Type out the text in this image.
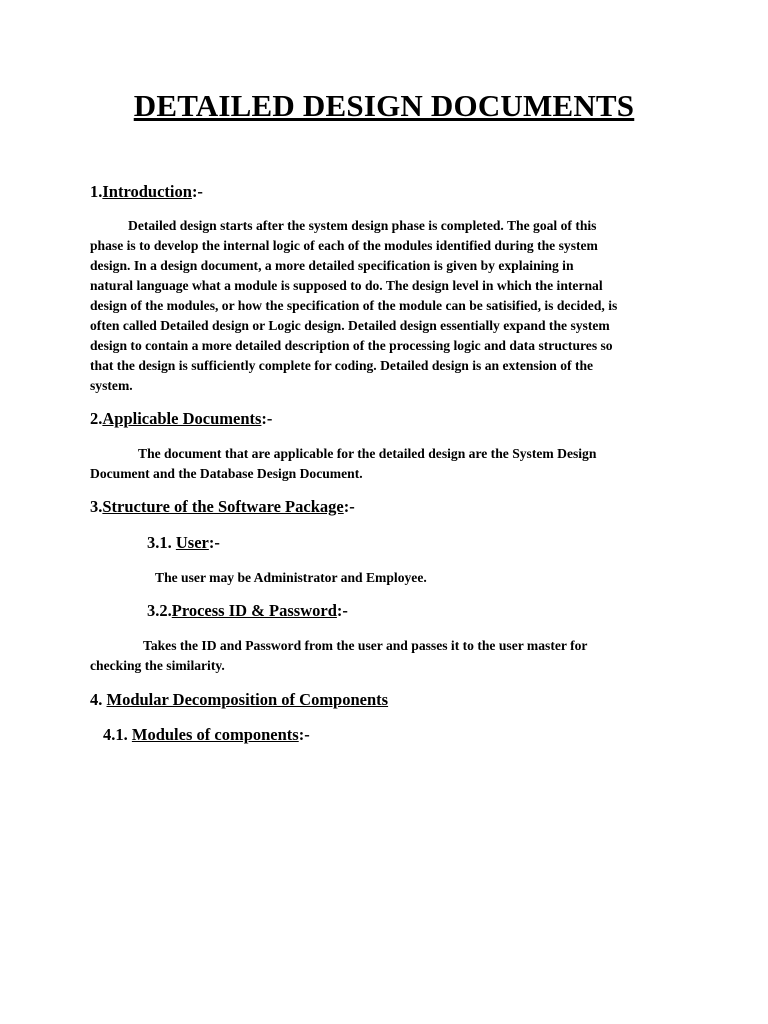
DETAILED DESIGN DOCUMENTS
1.Introduction:-
Detailed design starts after the system design phase is completed. The goal of this
phase is to develop the internal logic of each of the modules identified during the system
design. In a design document, a more detailed specification is given by explaining in
natural language what a module is supposed to do. The design level in which the internal
design of the modules, or how the specification of the module can be satisified, is decided, is
often called Detailed design or Logic design. Detailed design essentially expand the system
design to contain a more detailed description of the processing logic and data structures so
that the design is sufficiently complete for coding. Detailed design is an extension of the
system.
2.Applicable Documents:-
The document that are applicable for the detailed design are the System Design
Document and the Database Design Document.
3.Structure of the Software Package:-
3.1. User:-
The user may be Administrator and Employee.
3.2.Process ID & Password:-
Takes the ID and Password from the user and passes it to the user master for
checking the similarity.
4. Modular Decomposition of Components
4.1. Modules of components:-
